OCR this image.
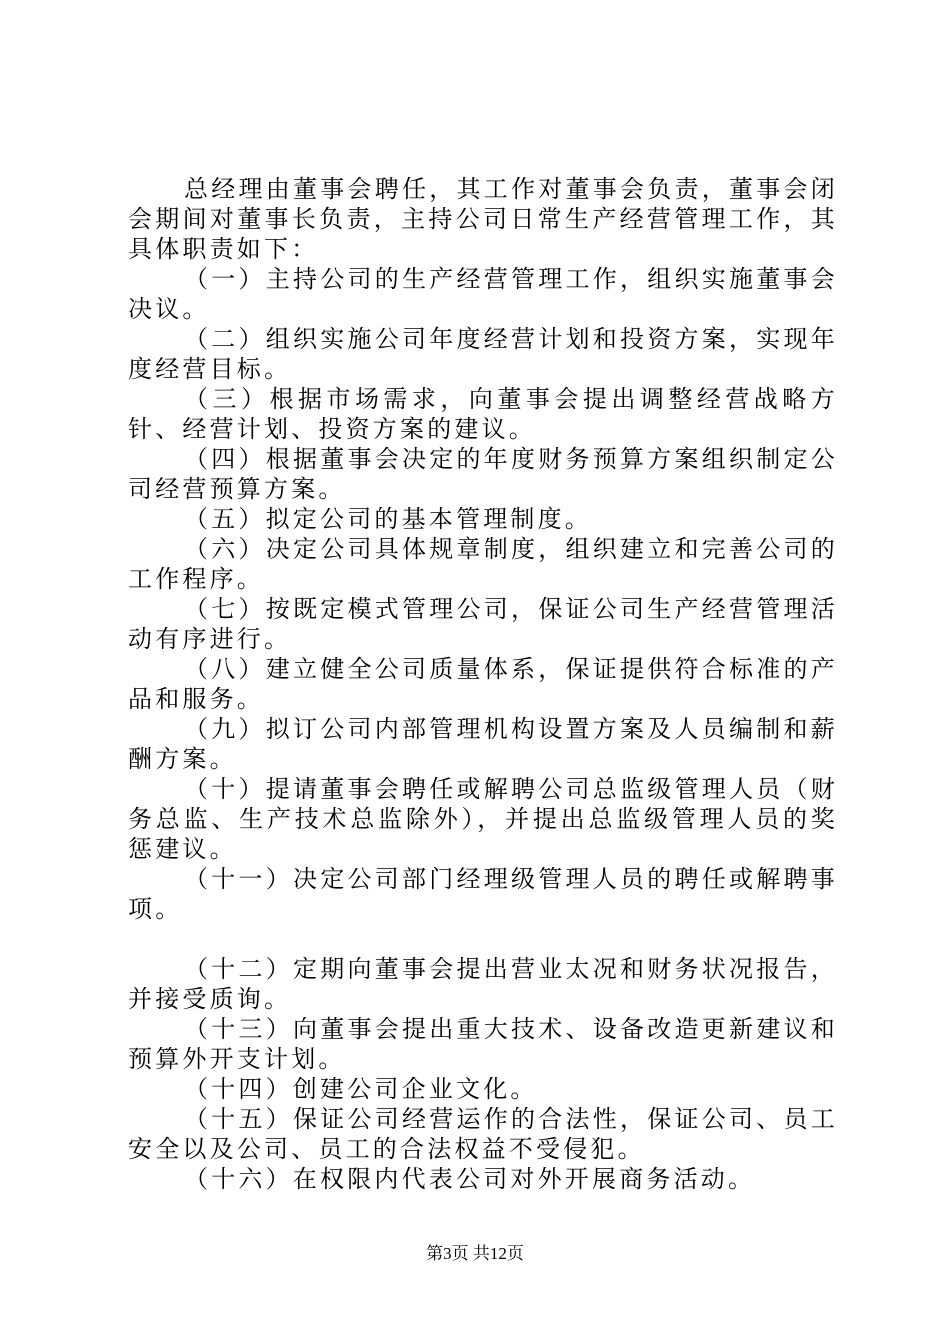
总经理由董事会聘任，其工作对董事会负责，董事会闭会期间对董事长负责，主持公司日常生产经营管理工作，其具体职责如下：

（一）主持公司的生产经营管理工作，组织实施董事会决议。

（二）组织实施公司年度经营计划和投资方案，实现年度经营目标。

（三）根据市场需求，向董事会提出调整经营战略方针、经营计划、投资方案的建议。

（四）根据董事会决定的年度财务预算方案组织制定公司经营预算方案。

（五）拟定公司的基本管理制度。

（六）决定公司具体规章制度，组织建立和完善公司的工作程序。

（七）按既定模式管理公司，保证公司生产经营管理活动有序进行。

（八）建立健全公司质量体系，保证提供符合标准的产品和服务。

（九）拟订公司内部管理机构设置方案及人员编制和薪酬方案。

（十）提请董事会聘任或解聘公司总监级管理人员（财务总监、生产技术总监除外），并提出总监级管理人员的奖惩建议。

（十一）决定公司部门经理级管理人员的聘任或解聘事项。

（十二）定期向董事会提出营业太况和财务状况报告，并接受质询。

（十三）向董事会提出重大技术、设备改造更新建议和预算外开支计划。

（十四）创建公司企业文化。

（十五）保证公司经营运作的合法性，保证公司、员工安全以及公司、员工的合法权益不受侵犯。

（十六）在权限内代表公司对外开展商务活动。

第3页 共12页
